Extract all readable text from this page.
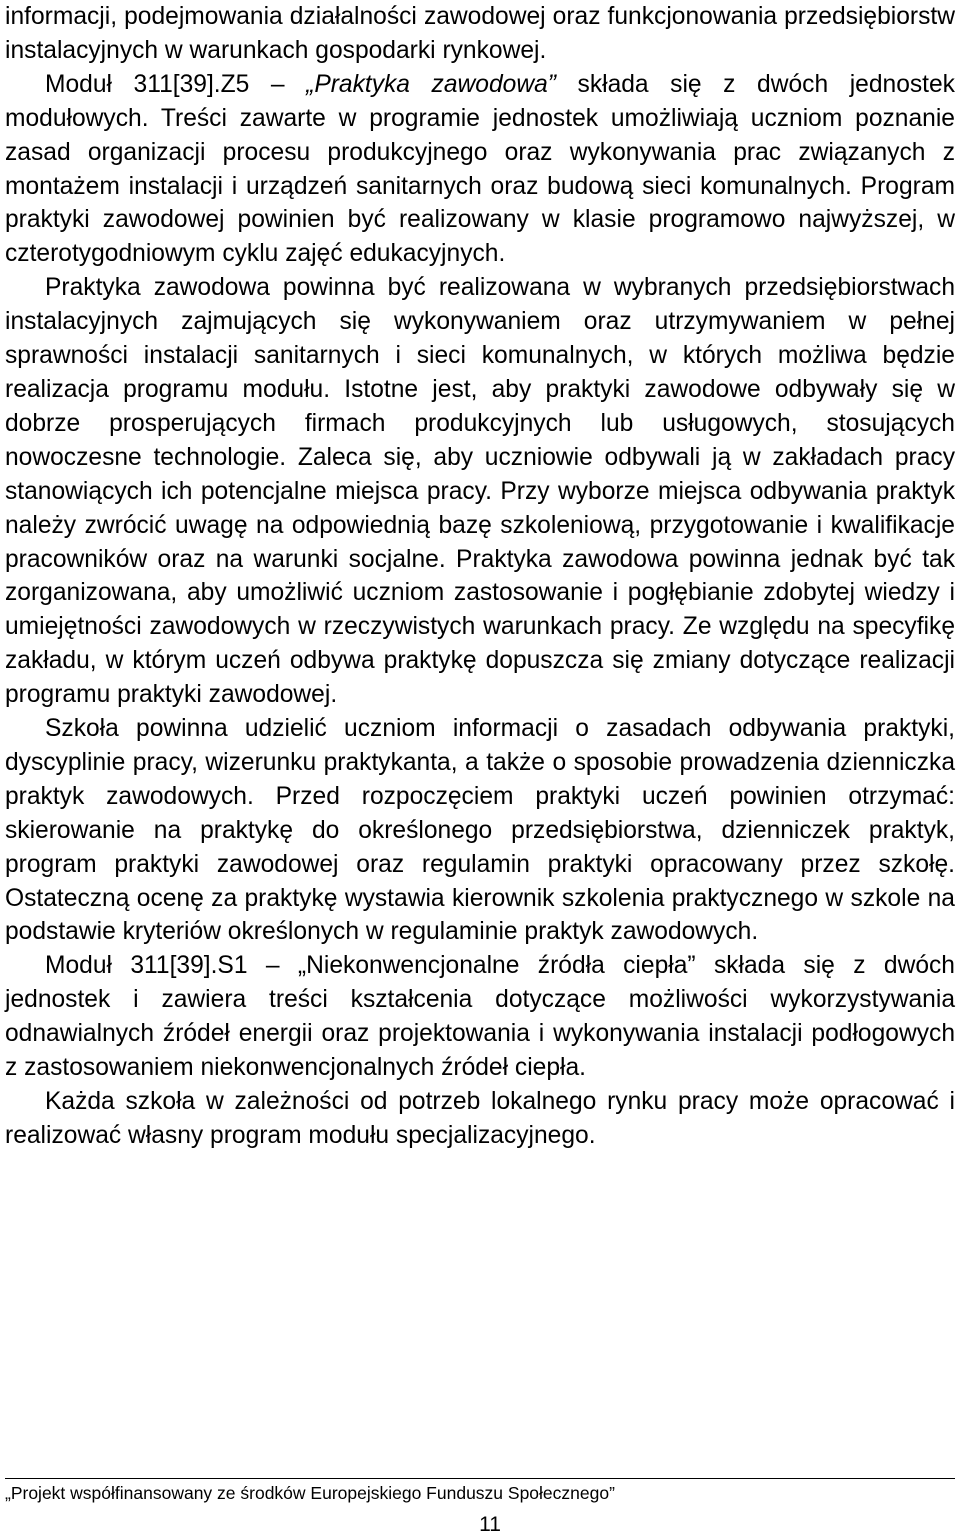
informacji, podejmowania działalności zawodowej oraz funkcjonowania przedsiębiorstw instalacyjnych w warunkach gospodarki rynkowej.

Moduł 311[39].Z5 – „Praktyka zawodowa” składa się z dwóch jednostek modułowych. Treści zawarte w programie jednostek umożliwiają uczniom poznanie zasad organizacji procesu produkcyjnego oraz wykonywania prac związanych z montażem instalacji i urządzeń sanitarnych oraz budową sieci komunalnych. Program praktyki zawodowej powinien być realizowany w klasie programowo najwyższej, w czterotygodniowym cyklu zajęć edukacyjnych.

Praktyka zawodowa powinna być realizowana w wybranych przedsiębiorstwach instalacyjnych zajmujących się wykonywaniem oraz utrzymywaniem w pełnej sprawności instalacji sanitarnych i sieci komunalnych, w których możliwa będzie realizacja programu modułu. Istotne jest, aby praktyki zawodowe odbywały się w dobrze prosperujących firmach produkcyjnych lub usługowych, stosujących nowoczesne technologie. Zaleca się, aby uczniowie odbywali ją w zakładach pracy stanowiących ich potencjalne miejsca pracy. Przy wyborze miejsca odbywania praktyk należy zwrócić uwagę na odpowiednią bazę szkoleniową, przygotowanie i kwalifikacje pracowników oraz na warunki socjalne. Praktyka zawodowa powinna jednak być tak zorganizowana, aby umożliwić uczniom zastosowanie i pogłębianie zdobytej wiedzy i umiejętności zawodowych w rzeczywistych warunkach pracy. Ze względu na specyfikę zakładu, w którym uczeń odbywa praktykę dopuszcza się zmiany dotyczące realizacji programu praktyki zawodowej.

Szkoła powinna udzielić uczniom informacji o zasadach odbywania praktyki, dyscyplinie pracy, wizerunku praktykanta, a także o sposobie prowadzenia dzienniczka praktyk zawodowych. Przed rozpoczęciem praktyki uczeń powinien otrzymać: skierowanie na praktykę do określonego przedsiębiorstwa, dzienniczek praktyk, program praktyki zawodowej oraz regulamin praktyki opracowany przez szkołę. Ostateczną ocenę za praktykę wystawia kierownik szkolenia praktycznego w szkole na podstawie kryteriów określonych w regulaminie praktyk zawodowych.

Moduł 311[39].S1 – „Niekonwencjonalne źródła ciepła” składa się z dwóch jednostek i zawiera treści kształcenia dotyczące możliwości wykorzystywania odnawialnych źródeł energii oraz projektowania i wykonywania instalacji podłogowych z zastosowaniem niekonwencjonalnych źródeł ciepła.

Każda szkoła w zależności od potrzeb lokalnego rynku pracy może opracować i realizować własny program modułu specjalizacyjnego.

„Projekt współfinansowany ze środków Europejskiego Funduszu Społecznego”
11
